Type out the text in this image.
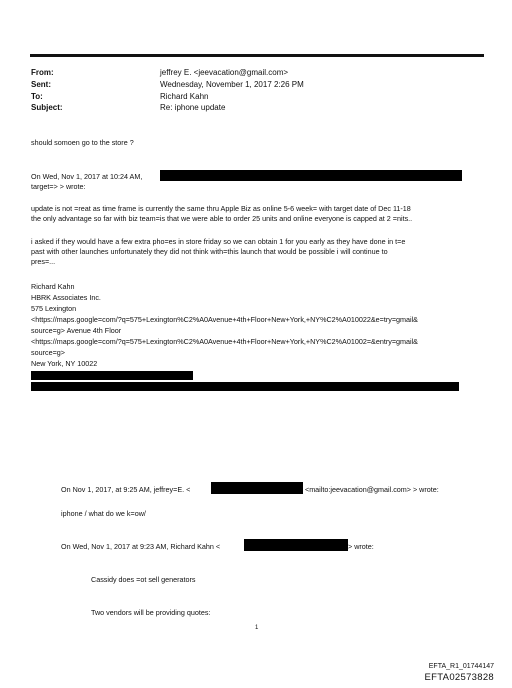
From:	jeffrey E. <jeevacation@gmail.com>
Sent:	Wednesday, November 1, 2017 2:26 PM
To:	Richard Kahn
Subject:	Re: iphone update
should somoen go to the store ?
On Wed, Nov 1, 2017 at 10:24 AM,
target=> > wrote:
update is not =reat as time frame is currently the same thru Apple Biz as online 5-6 week= with target date of Dec 11-18
the only advantage so far with biz team=is that we were able to order 25 units and online everyone is capped at 2 =nits..
i asked if they would have a few extra pho=es in store friday so we can obtain 1 for you early as they have done in t=e
past with other launches unfortunately they did not think with=this launch that would be possible i will continue to
pres=...
Richard Kahn
HBRK Associates Inc.
575 Lexington
<https://maps.google=com/?q=575+Lexington%C2%A0Avenue+4th+Floor+New+York,+NY%C2%A010022&e=try=gmail&
source=g> Avenue 4th Floor
<https://maps.google=com/?q=575+Lexington%C2%A0Avenue+4th+Floor+New+York,+NY%C2%A01002=&entry=gmail&
source=g>
New York, NY 10022
On Nov 1, 2017, at 9:25 AM, jeffrey=E. <	<mailto:jeevacation@gmail.com> > wrote:
iphone / what do we k=ow/
On Wed, Nov 1, 2017 at 9:23 AM, Richard Kahn <	> wrote:
Cassidy does =ot sell generators
Two vendors will be providing quotes:
1
EFTA_R1_01744147
EFTA02573828
